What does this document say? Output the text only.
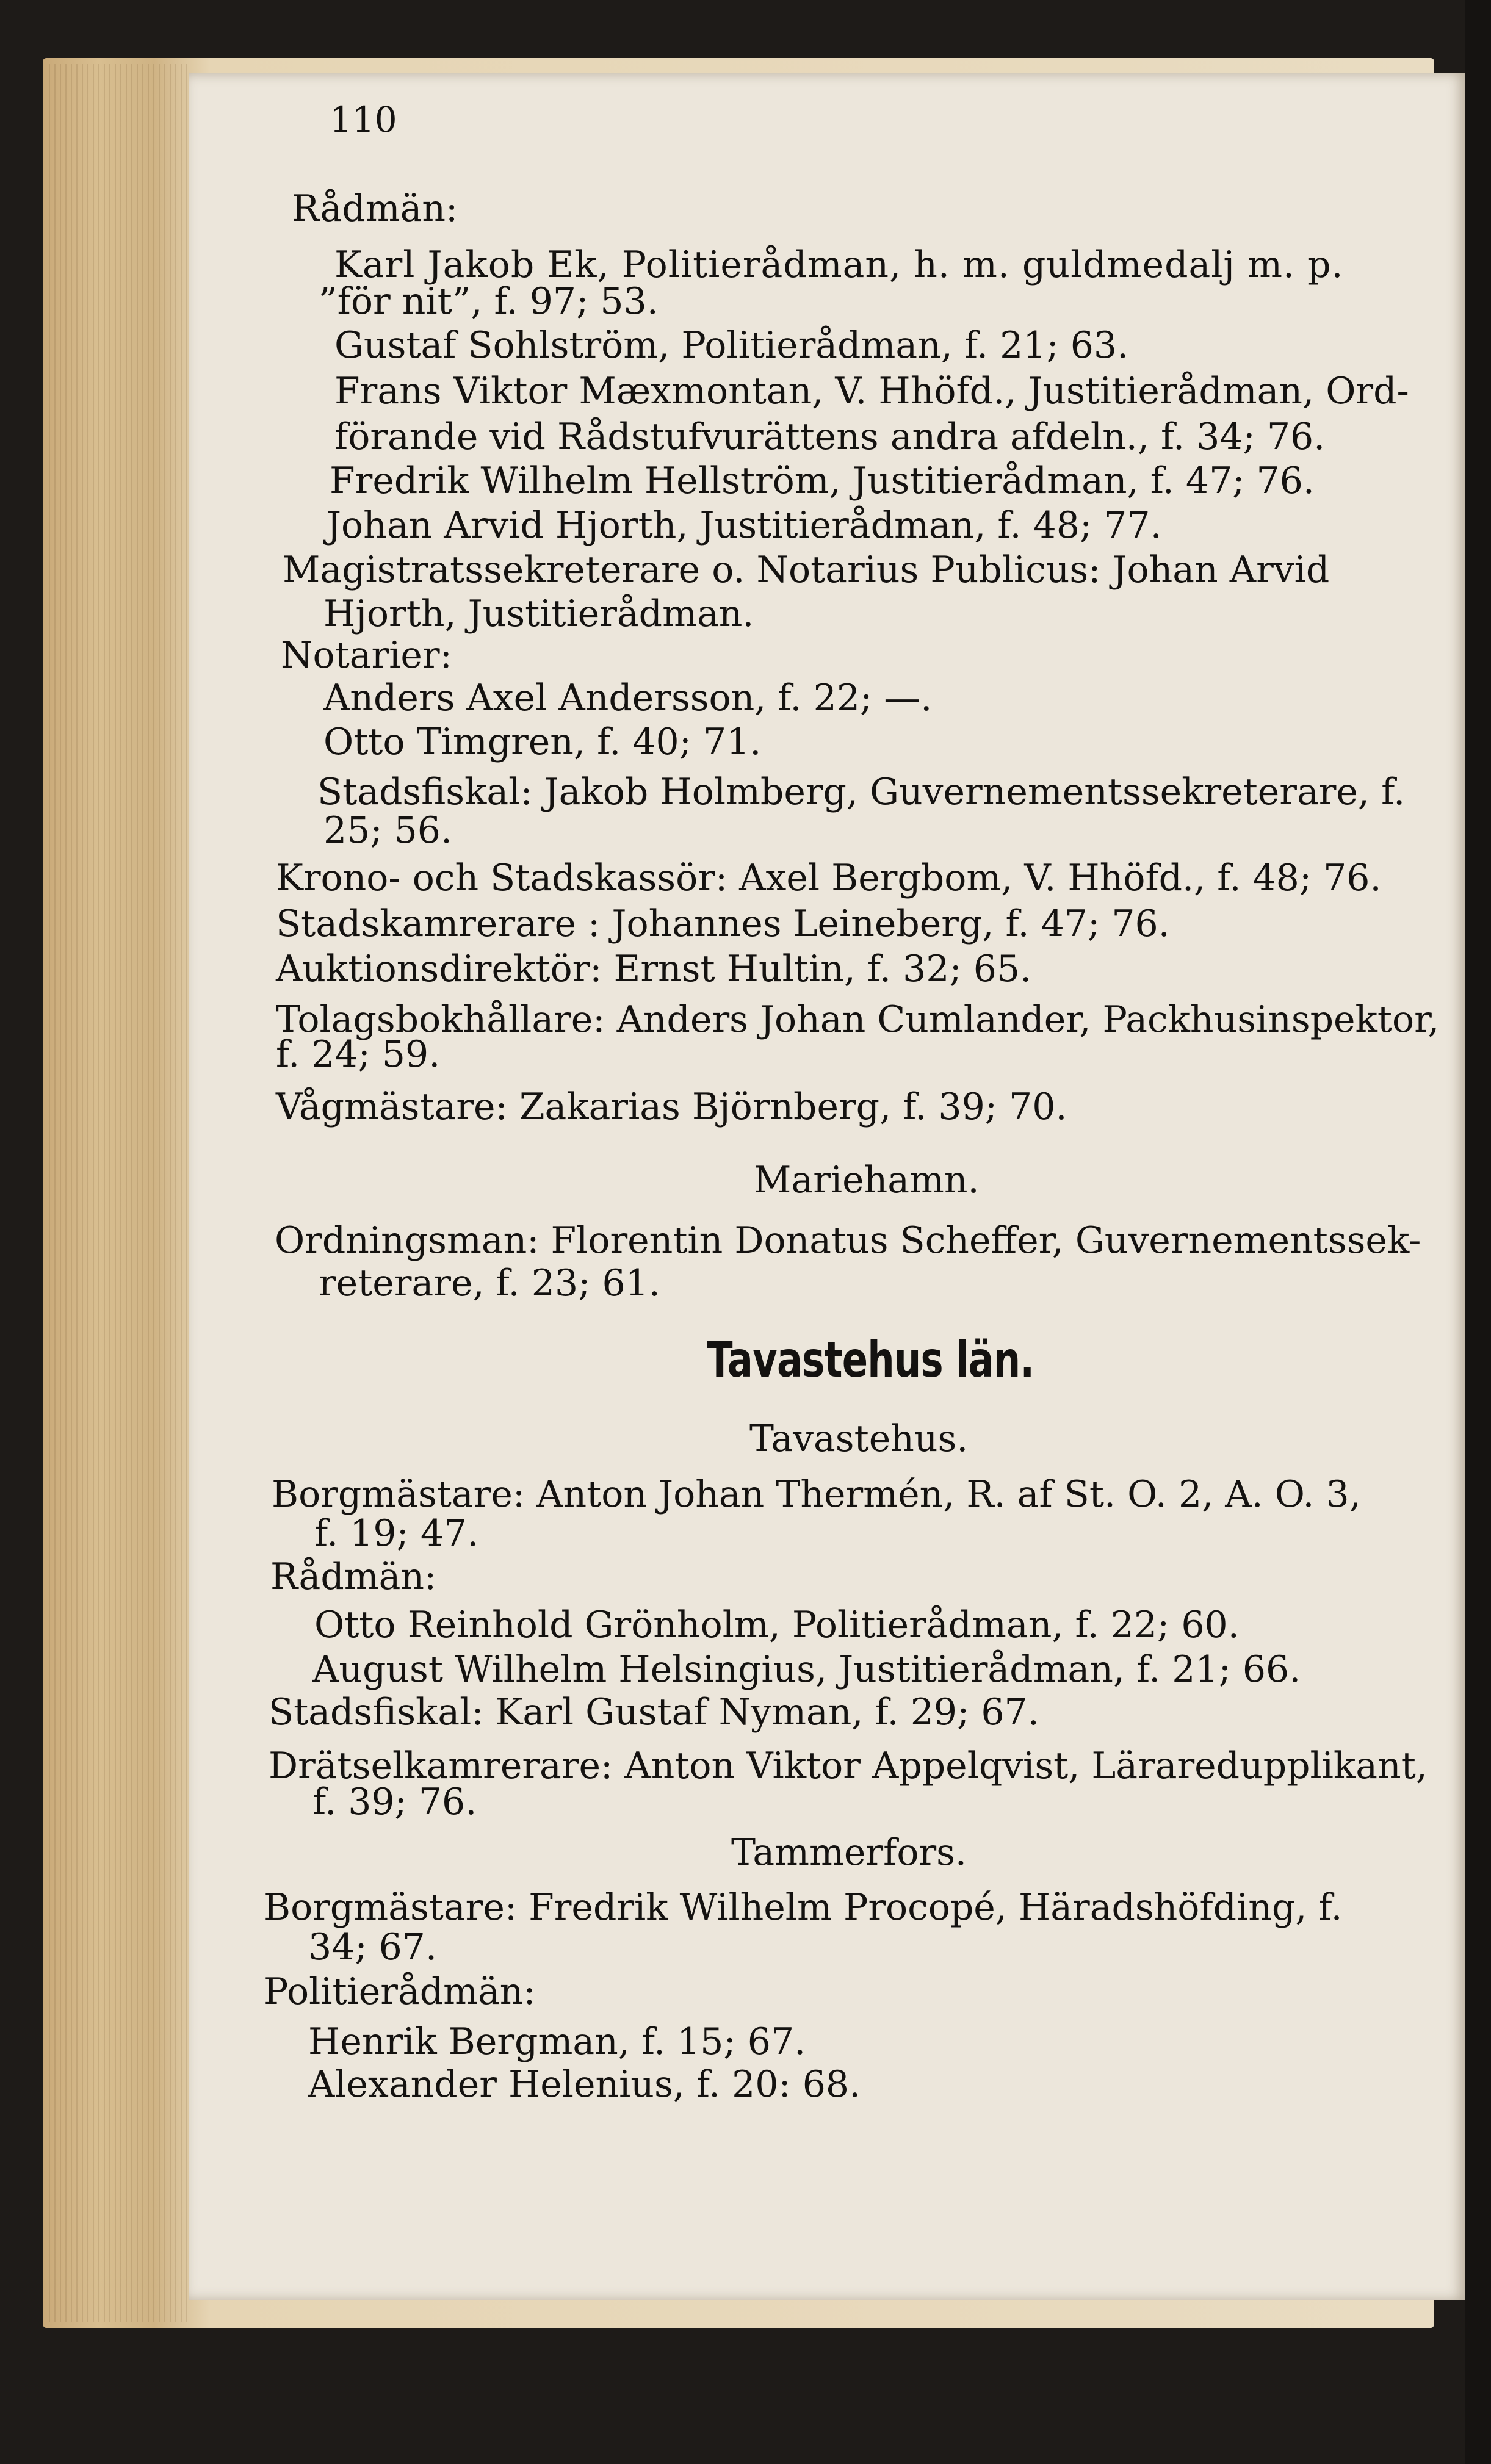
110
Rådmän:
Karl Jakob Ek, Politierådman, h. m. guldmedalj m. p.
”för nit”, f. 97; 53.
Gustaf Sohlström, Politierådman, f. 21; 63.
Frans Viktor Mæxmontan, V. Hhöfd., Justitierådman, Ord-
förande vid Rådstufvurättens andra afdeln., f. 34; 76.
Fredrik Wilhelm Hellström, Justitierådman, f. 47; 76.
Johan Arvid Hjorth, Justitierådman, f. 48; 77.
Magistratssekreterare o. Notarius Publicus: Johan Arvid
Hjorth, Justitierådman.
Notarier:
Anders Axel Andersson, f. 22; —.
Otto Timgren, f. 40; 71.
Stadsfiskal: Jakob Holmberg, Guvernementssekreterare, f.
25; 56.
Krono- och Stadskassör: Axel Bergbom, V. Hhöfd., f. 48; 76.
Stadskamrerare : Johannes Leineberg, f. 47; 76.
Auktionsdirektör: Ernst Hultin, f. 32; 65.
Tolagsbokhållare: Anders Johan Cumlander, Packhusinspektor,
f. 24; 59.
Vågmästare: Zakarias Björnberg, f. 39; 70.
Mariehamn.
Ordningsman: Florentin Donatus Scheffer, Guvernementssek-
reterare, f. 23; 61.
Tavastehus län.
Tavastehus.
Borgmästare: Anton Johan Thermén, R. af St. O. 2, A. O. 3,
f. 19; 47.
Rådmän:
Otto Reinhold Grönholm, Politierådman, f. 22; 60.
August Wilhelm Helsingius, Justitierådman, f. 21; 66.
Stadsfiskal: Karl Gustaf Nyman, f. 29; 67.
Drätselkamrerare: Anton Viktor Appelqvist, Läraredupplikant,
f. 39; 76.
Tammerfors.
Borgmästare: Fredrik Wilhelm Procopé, Häradshöfding, f.
34; 67.
Politierådmän:
Henrik Bergman, f. 15; 67.
Alexander Helenius, f. 20: 68.
